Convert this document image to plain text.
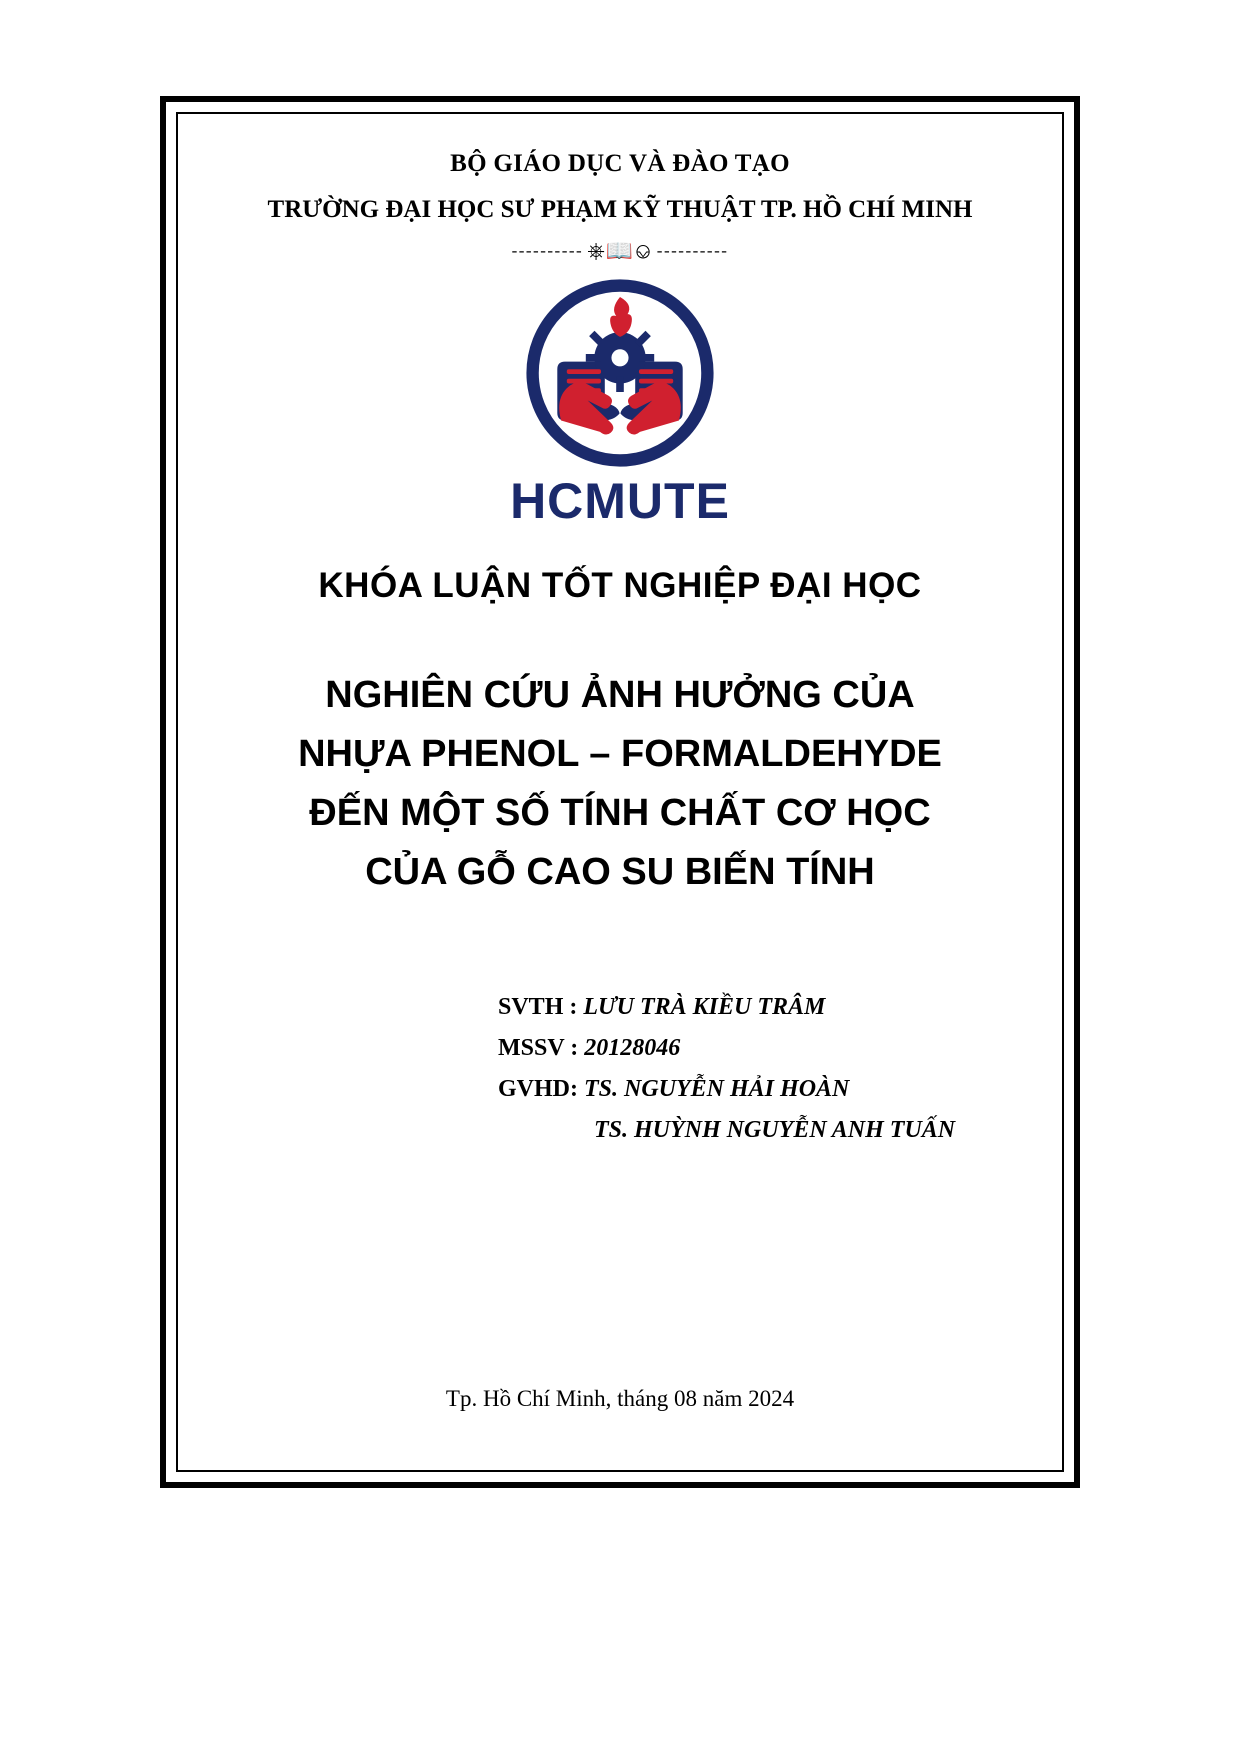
BỘ GIÁO DỤC VÀ ĐÀO TẠO
TRƯỜNG ĐẠI HỌC SƯ PHẠM KỸ THUẬT TP. HỒ CHÍ MINH
---------- ⎈📖⎉ ----------
HCMUTE
KHÓA LUẬN TỐT NGHIỆP ĐẠI HỌC
NGHIÊN CỨU ẢNH HƯỞNG CỦA
NHỰA PHENOL – FORMALDEHYDE
ĐẾN MỘT SỐ TÍNH CHẤT CƠ HỌC
CỦA GỖ CAO SU BIẾN TÍNH
SVTH : LƯU TRÀ KIỀU TRÂM
MSSV : 20128046
GVHD: TS. NGUYỄN HẢI HOÀN
TS. HUỲNH NGUYỄN ANH TUẤN
Tp. Hồ Chí Minh, tháng 08 năm 2024
